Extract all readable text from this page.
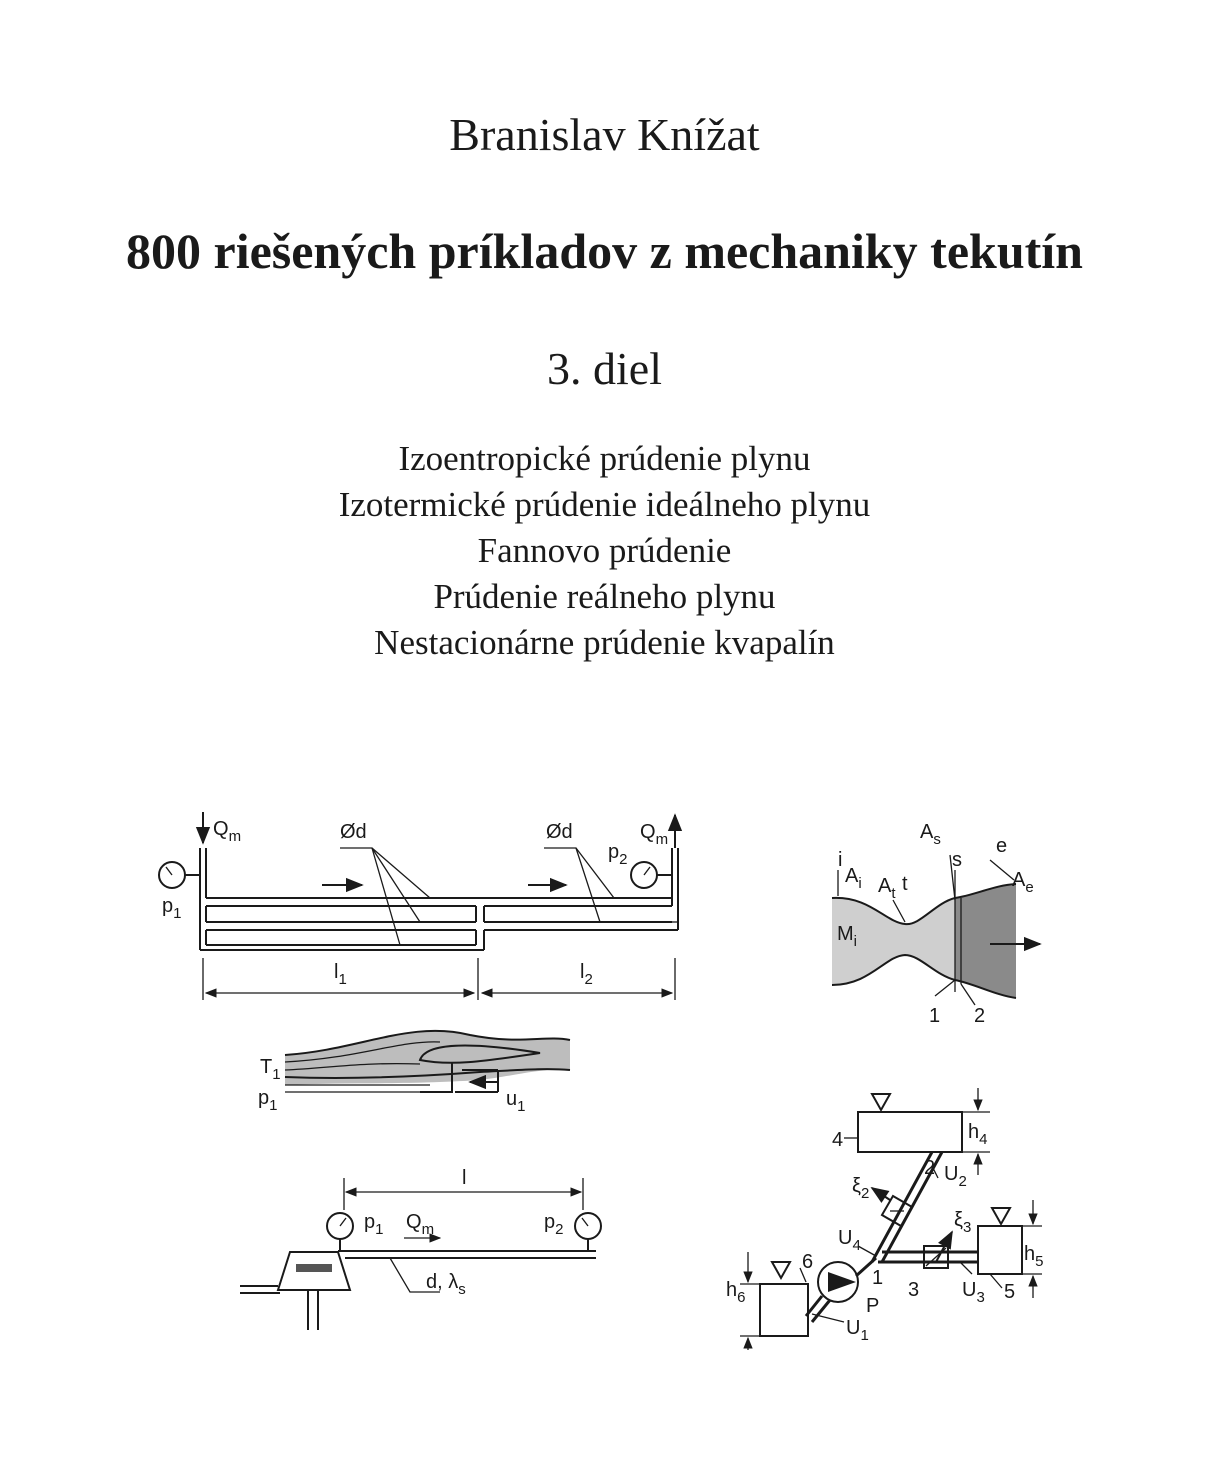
Branislav Knížat
800 riešených príkladov z mechaniky tekutín
3. diel
Izoentropické prúdenie plynu
Izotermické prúdenie ideálneho plynu
Fannovo prúdenie
Prúdenie reálneho plynu
Nestacionárne prúdenie kvapalín
$Q_m$	Ød	Ød	$Q_m$
$p_2$
$p_1$
$l_1$	$l_2$
$A_s$
s
e
i
$A_i$ $A_t$ t	$A_e$
$M_i$
1 2
$T_1$
$p_1$	$u_1$
$p_1$ $Q_m$	$p_2$
l
d, $\lambda_s$
4	$h_4$
2 $U_2$
$\xi_2$
$\xi_3$
$U_4$
6
$h_6$
1
P
3 $U_3$ 5
$h_5$
$U_1$
